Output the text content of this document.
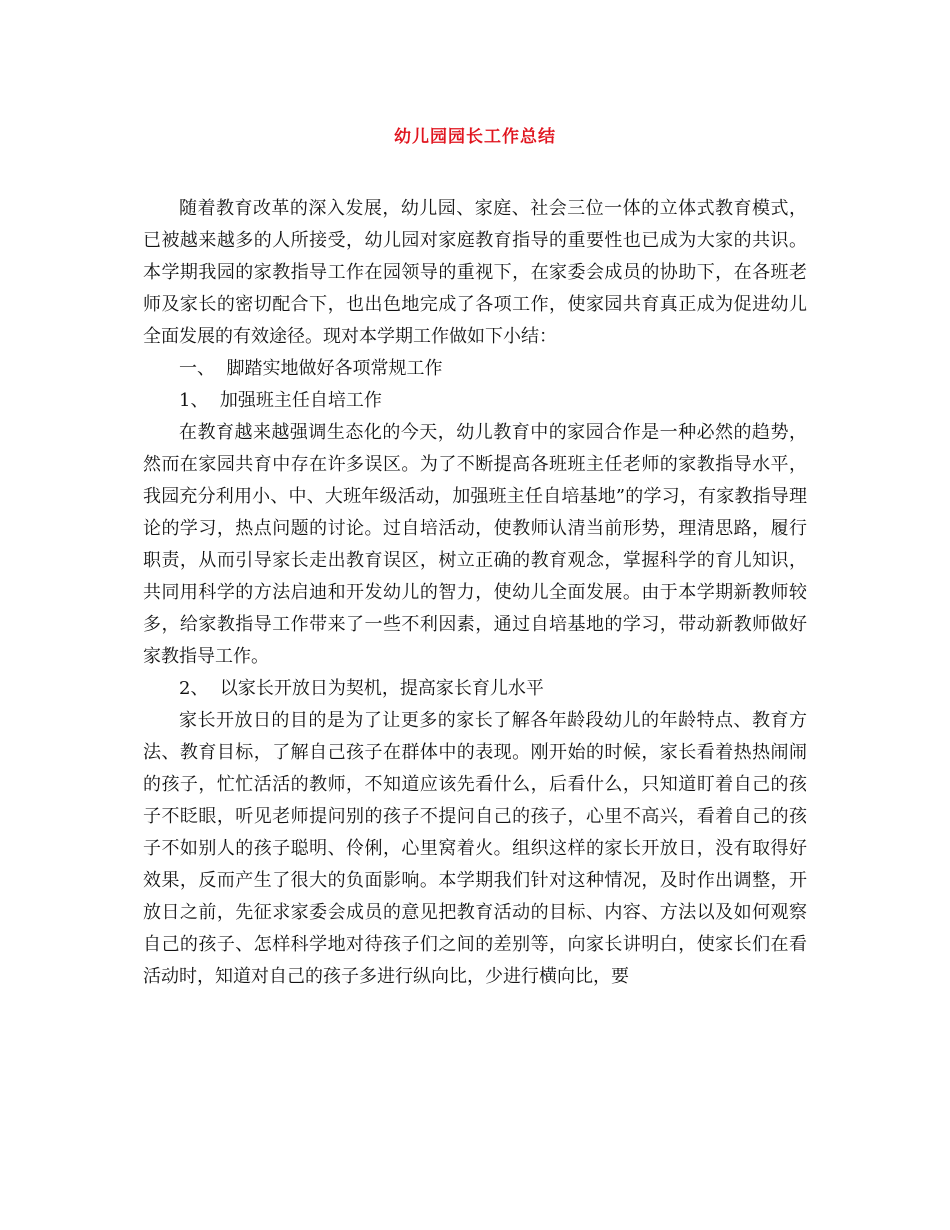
幼儿园园长工作总结

随着教育改革的深入发展，幼儿园、家庭、社会三位一体的立体式教育模式，已被越来越多的人所接受，幼儿园对家庭教育指导的重要性也已成为大家的共识。本学期我园的家教指导工作在园领导的重视下，在家委会成员的协助下，在各班老师及家长的密切配合下，也出色地完成了各项工作，使家园共育真正成为促进幼儿全面发展的有效途径。现对本学期工作做如下小结：

一、  脚踏实地做好各项常规工作

1、  加强班主任自培工作

在教育越来越强调生态化的今天，幼儿教育中的家园合作是一种必然的趋势，然而在家园共育中存在许多误区。为了不断提高各班班主任老师的家教指导水平，我园充分利用小、中、大班年级活动，加强班主任自培基地”的学习，有家教指导理论的学习，热点问题的讨论。过自培活动，使教师认清当前形势，理清思路，履行职责，从而引导家长走出教育误区，树立正确的教育观念，掌握科学的育儿知识，共同用科学的方法启迪和开发幼儿的智力，使幼儿全面发展。由于本学期新教师较多，给家教指导工作带来了一些不利因素，通过自培基地的学习，带动新教师做好家教指导工作。

2、  以家长开放日为契机，提高家长育儿水平

家长开放日的目的是为了让更多的家长了解各年龄段幼儿的年龄特点、教育方法、教育目标，了解自己孩子在群体中的表现。刚开始的时候，家长看着热热闹闹的孩子，忙忙活活的教师，不知道应该先看什么，后看什么，只知道盯着自己的孩子不眨眼，听见老师提问别的孩子不提问自己的孩子，心里不高兴，看着自己的孩子不如别人的孩子聪明、伶俐，心里窝着火。组织这样的家长开放日，没有取得好效果，反而产生了很大的负面影响。本学期我们针对这种情况，及时作出调整，开放日之前，先征求家委会成员的意见把教育活动的目标、内容、方法以及如何观察自己的孩子、怎样科学地对待孩子们之间的差别等，向家长讲明白，使家长们在看活动时，知道对自己的孩子多进行纵向比，少进行横向比，要
